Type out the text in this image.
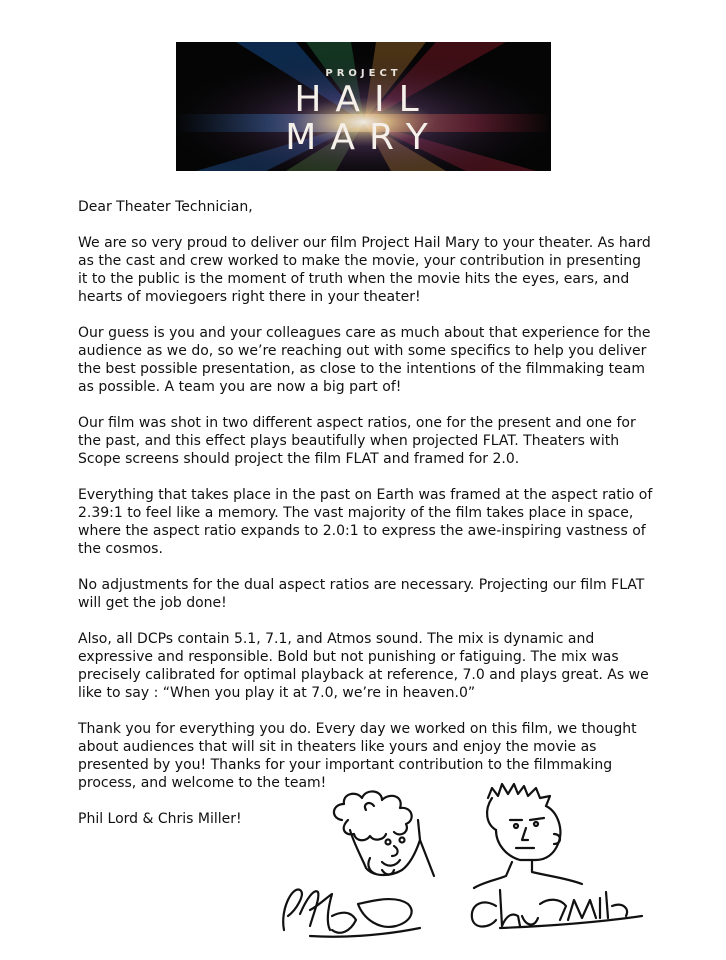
PROJECT
HAIL
MARY

Dear Theater Technician,

We are so very proud to deliver our film Project Hail Mary to your theater. As hard as the cast and crew worked to make the movie, your contribution in presenting it to the public is the moment of truth when the movie hits the eyes, ears, and hearts of moviegoers right there in your theater!

Our guess is you and your colleagues care as much about that experience for the audience as we do, so we’re reaching out with some specifics to help you deliver the best possible presentation, as close to the intentions of the filmmaking team as possible. A team you are now a big part of!

Our film was shot in two different aspect ratios, one for the present and one for the past, and this effect plays beautifully when projected FLAT. Theaters with Scope screens should project the film FLAT and framed for 2.0.

Everything that takes place in the past on Earth was framed at the aspect ratio of 2.39:1 to feel like a memory. The vast majority of the film takes place in space, where the aspect ratio expands to 2.0:1 to express the awe-inspiring vastness of the cosmos.

No adjustments for the dual aspect ratios are necessary. Projecting our film FLAT will get the job done!

Also, all DCPs contain 5.1, 7.1, and Atmos sound. The mix is dynamic and expressive and responsible. Bold but not punishing or fatiguing. The mix was precisely calibrated for optimal playback at reference, 7.0 and plays great. As we like to say : “When you play it at 7.0, we’re in heaven.0”

Thank you for everything you do. Every day we worked on this film, we thought about audiences that will sit in theaters like yours and enjoy the movie as presented by you! Thanks for your important contribution to the filmmaking process, and welcome to the team!

Phil Lord & Chris Miller!
